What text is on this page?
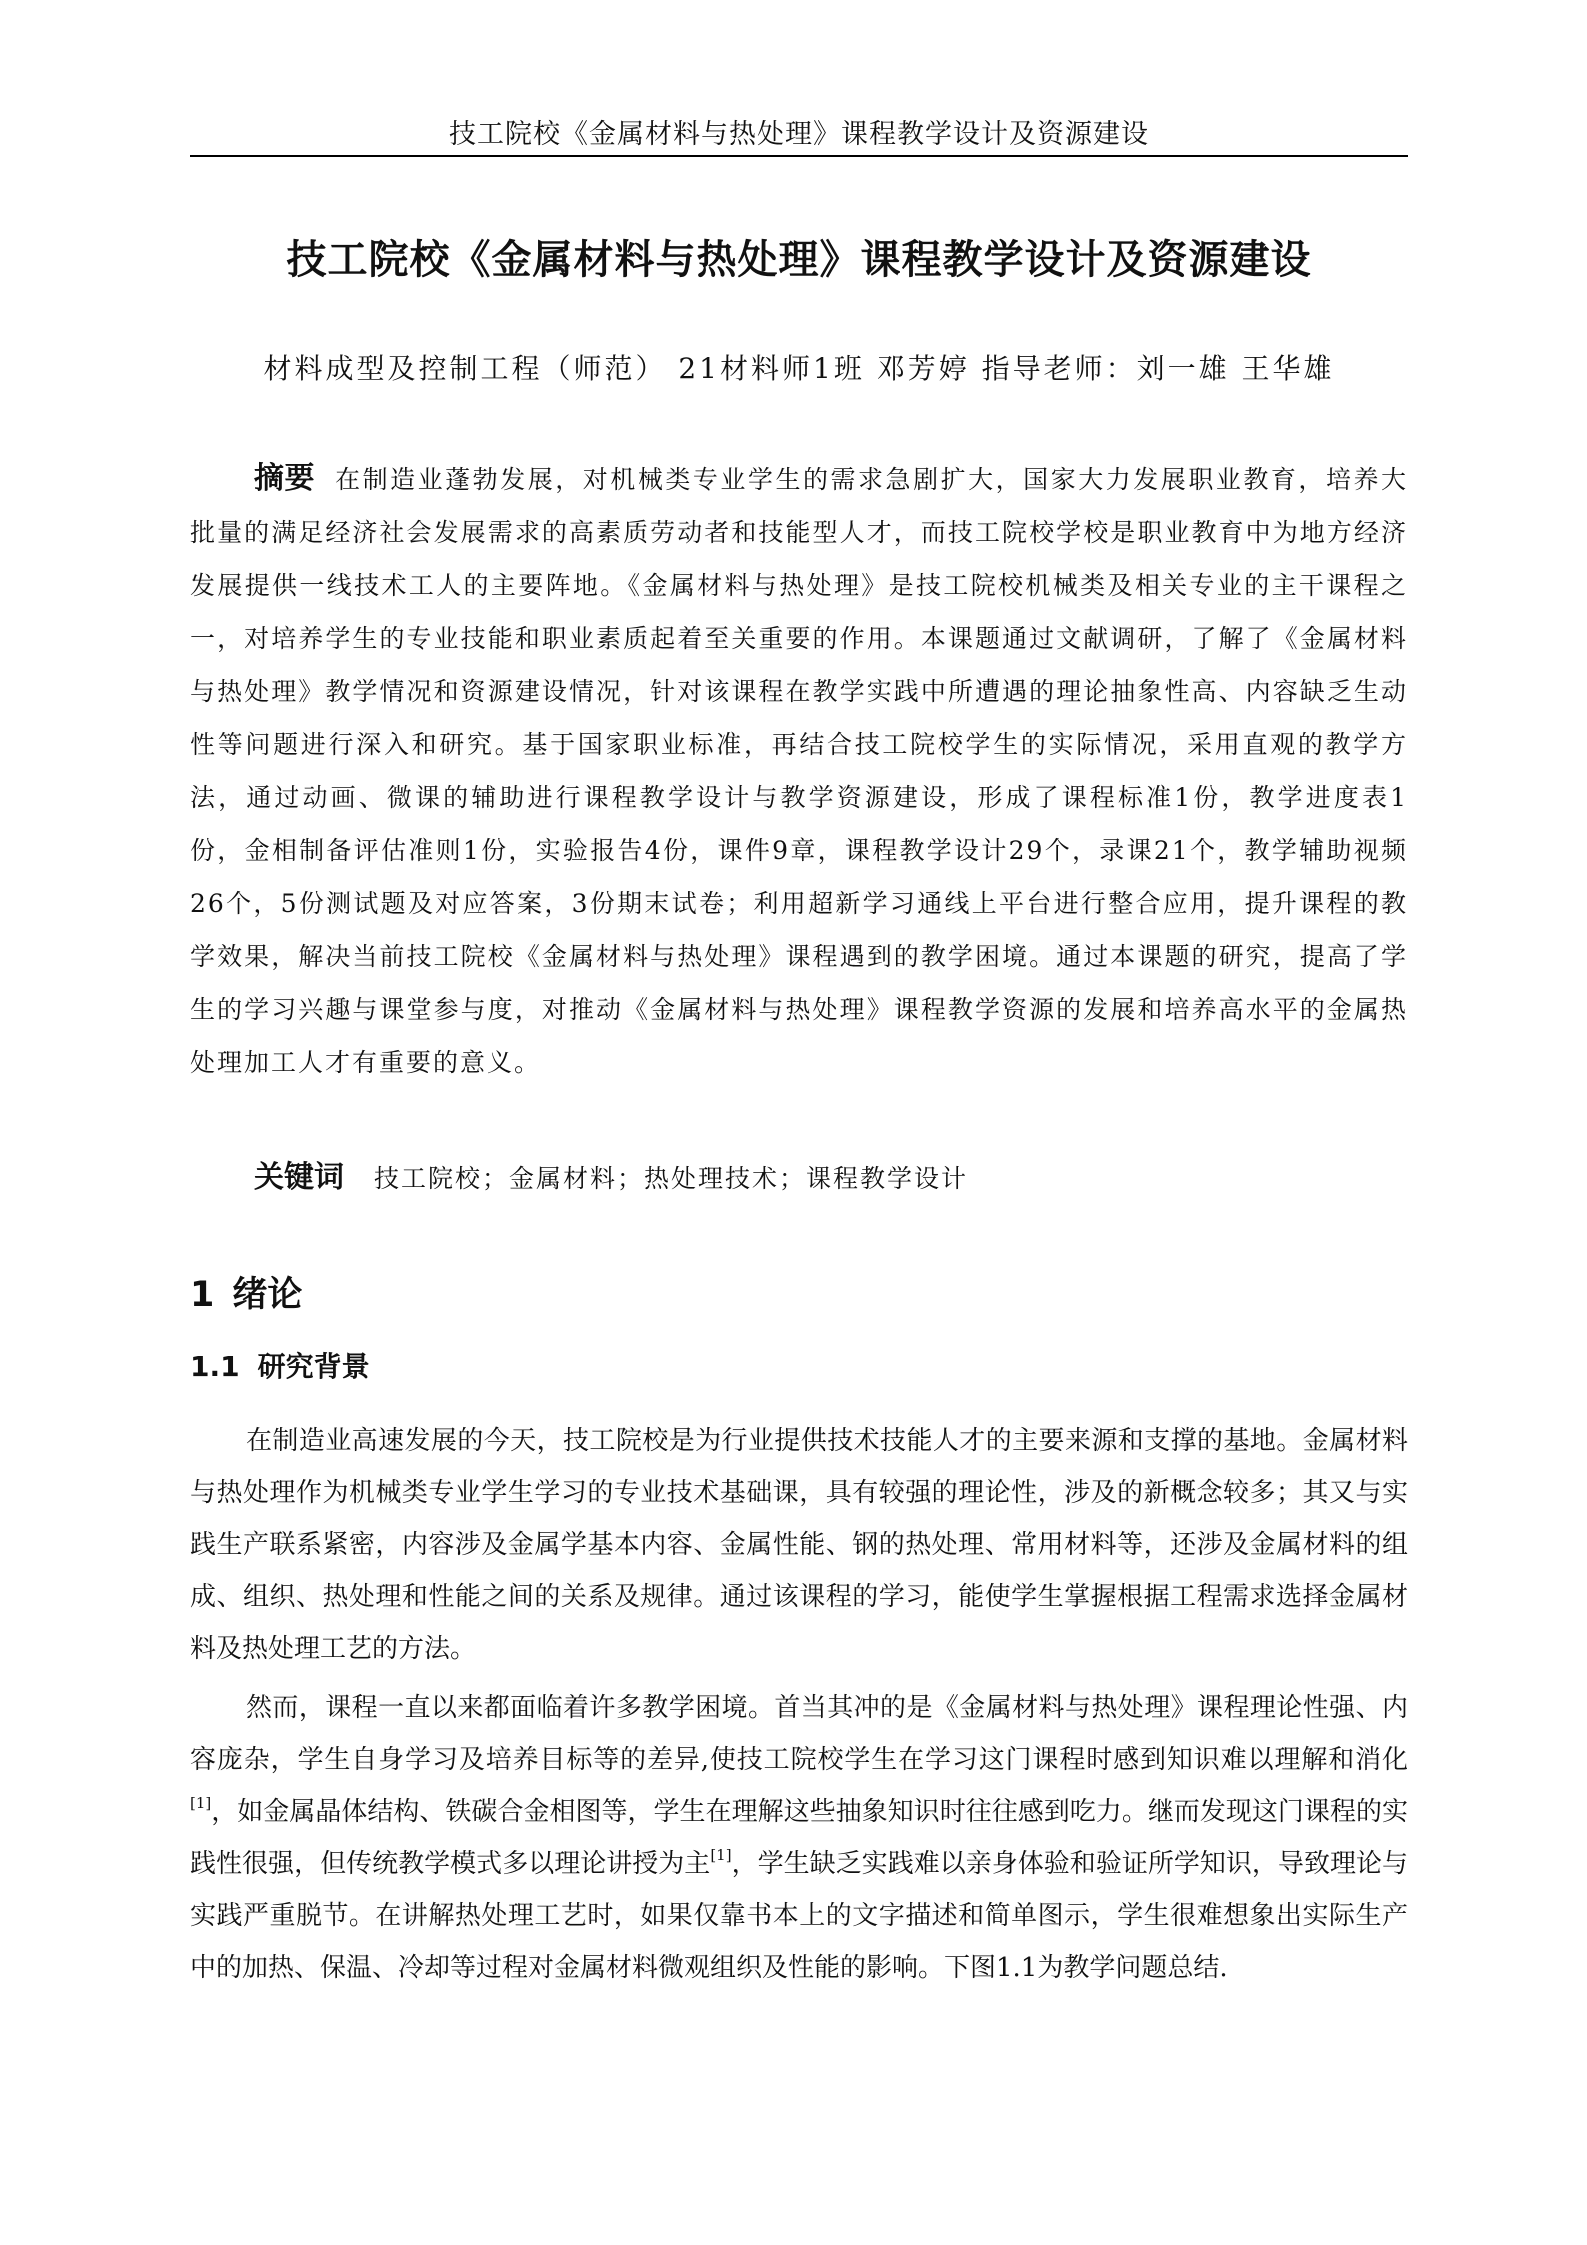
技工院校《金属材料与热处理》课程教学设计及资源建设
技工院校《金属材料与热处理》课程教学设计及资源建设
材料成型及控制工程（师范） 21材料师1班 邓芳婷 指导老师：刘一雄 王华雄

摘要 在制造业蓬勃发展，对机械类专业学生的需求急剧扩大，国家大力发展职业教育，培养大批量的满足经济社会发展需求的高素质劳动者和技能型人才，而技工院校学校是职业教育中为地方经济发展提供一线技术工人的主要阵地。《金属材料与热处理》是技工院校机械类及相关专业的主干课程之一，对培养学生的专业技能和职业素质起着至关重要的作用。本课题通过文献调研，了解了《金属材料与热处理》教学情况和资源建设情况，针对该课程在教学实践中所遭遇的理论抽象性高、内容缺乏生动性等问题进行深入和研究。基于国家职业标准，再结合技工院校学生的实际情况，采用直观的教学方法，通过动画、微课的辅助进行课程教学设计与教学资源建设，形成了课程标准1份，教学进度表1份，金相制备评估准则1份，实验报告4份，课件9章，课程教学设计29个，录课21个，教学辅助视频26个，5份测试题及对应答案，3份期末试卷；利用超新学习通线上平台进行整合应用，提升课程的教学效果，解决当前技工院校《金属材料与热处理》课程遇到的教学困境。通过本课题的研究，提高了学生的学习兴趣与课堂参与度，对推动《金属材料与热处理》课程教学资源的发展和培养高水平的金属热处理加工人才有重要的意义。

关键词 技工院校；金属材料；热处理技术；课程教学设计
1 绪论
1.1 研究背景

在制造业高速发展的今天，技工院校是为行业提供技术技能人才的主要来源和支撑的基地。金属材料与热处理作为机械类专业学生学习的专业技术基础课，具有较强的理论性，涉及的新概念较多；其又与实践生产联系紧密，内容涉及金属学基本内容、金属性能、钢的热处理、常用材料等，还涉及金属材料的组成、组织、热处理和性能之间的关系及规律。通过该课程的学习，能使学生掌握根据工程需求选择金属材料及热处理工艺的方法。

然而，课程一直以来都面临着许多教学困境。首当其冲的是《金属材料与热处理》课程理论性强、内容庞杂，学生自身学习及培养目标等的差异,使技工院校学生在学习这门课程时感到知识难以理解和消化[1]，如金属晶体结构、铁碳合金相图等，学生在理解这些抽象知识时往往感到吃力。继而发现这门课程的实践性很强，但传统教学模式多以理论讲授为主[1]，学生缺乏实践难以亲身体验和验证所学知识，导致理论与实践严重脱节。在讲解热处理工艺时，如果仅靠书本上的文字描述和简单图示，学生很难想象出实际生产中的加热、保温、冷却等过程对金属材料微观组织及性能的影响。下图1.1为教学问题总结.
